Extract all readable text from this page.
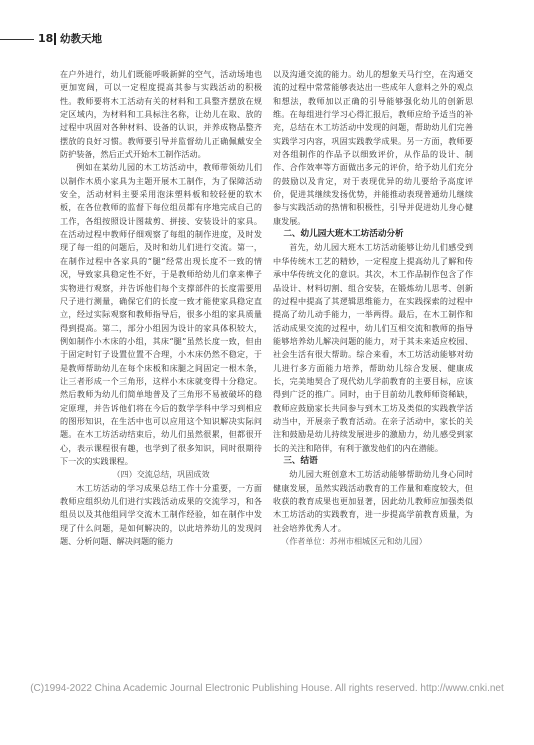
18 幼教天地

在户外进行，幼儿们既能呼吸新鲜的空气，活动场地也更加宽阔，可以一定程度提高其参与实践活动的积极性。教师要将木工活动有关的材料和工具整齐摆放在规定区域内，为材料和工具标注名称，让幼儿在取、放的过程中巩固对各种材料、设备的认识，并养成物品整齐摆放的良好习惯。教师要引导并监督幼儿正确佩戴安全防护装备，然后正式开始木工制作活动。

例如在某幼儿园的木工坊活动中，教师带领幼儿们以制作木质小家具为主题开展木工制作，为了保障活动安全，活动材料主要采用泡沫塑料板和较轻便的软木板，在各位教师的监督下每位组员都有序地完成自己的工作，各组按照设计图裁剪、拼接、安装设计的家具。在活动过程中教师仔细观察了每组的制作进度，及时发现了每一组的问题后，及时和幼儿们进行交流。第一，在制作过程中各家具的“腿”经常出现长度不一致的情况，导致家具稳定性不好，于是教师给幼儿们拿来榫子实物进行观察，并告诉他们每个支撑部件的长度需要用尺子进行测量，确保它们的长度一致才能使家具稳定直立，经过实际观察和教师指导后，很多小组的家具质量得到提高。第二，部分小组因为设计的家具体积较大，例如制作小木床的小组，其床“腿”虽然长度一致，但由于固定时钉子设置位置不合理，小木床仍然不稳定，于是教师帮助幼儿在每个床板和床腿之间固定一根木条，让三者形成一个三角形，这样小木床就变得十分稳定。然后教师为幼儿们简单地普及了三角形不易被破坏的稳定原理，并告诉他们将在今后的数学学科中学习到相应的图形知识，在生活中也可以应用这个知识解决实际问题。在木工坊活动结束后，幼儿们虽然很累，但都很开心，表示课程很有趣，也学到了很多知识，同时很期待下一次的实践课程。

（四）交流总结，巩固成效

木工坊活动的学习成果总结工作十分重要，一方面教师应组织幼儿们进行实践活动成果的交流学习，和各组员以及其他组同学交流木工制作经验，如在制作中发现了什么问题，是如何解决的，以此培养幼儿的发现问题、分析问题、解决问题的能力

以及沟通交流的能力。幼儿的想象天马行空，在沟通交流的过程中常常能够表达出一些成年人意料之外的观点和想法，教师加以正确的引导能够强化幼儿的创新思维。在每组进行学习心得汇报后，教师应给予适当的补充，总结在木工坊活动中发现的问题，帮助幼儿们完善实践学习内容，巩固实践教学成果。另一方面，教师要对各组制作的作品予以细致评价，从作品的设计、制作、合作效率等方面做出多元的评价，给予幼儿们充分的鼓励以及肯定，对于表现优异的幼儿要给予高度评价，促进其继续发扬优势，并能推动表现普通幼儿继续参与实践活动的热情和积极性，引导并促进幼儿身心健康发展。

二、幼儿园大班木工坊活动分析

首先，幼儿园大班木工坊活动能够让幼儿们感受到中华传统木工艺的精妙，一定程度上提高幼儿了解和传承中华传统文化的意识。其次，木工作品制作包含了作品设计、材料切割、组合安装，在锻炼幼儿思考、创新的过程中提高了其逻辑思维能力，在实践探索的过程中提高了幼儿动手能力，一举两得。最后，在木工制作和活动成果交流的过程中，幼儿们互相交流和教师的指导能够培养幼儿解决问题的能力，对于其未来适应校园、社会生活有很大帮助。综合来看，木工坊活动能够对幼儿进行多方面能力培养，帮助幼儿综合发展、健康成长，完美地契合了现代幼儿学前教育的主要目标，应该得到广泛的推广。同时，由于目前幼儿教师师资稀缺，教师应鼓励家长共同参与到木工坊及类似的实践教学活动当中，开展亲子教育活动。在亲子活动中，家长的关注和鼓励是幼儿持续发展进步的激励力，幼儿感受到家长的关注和陪伴，有利于激发他们的内在潜能。

三、结语

幼儿园大班创意木工坊活动能够帮助幼儿身心同时健康发展，虽然实践活动教育的工作量和难度较大，但收获的教育成果也更加显著，因此幼儿教师应加强类似木工坊活动的实践教育，进一步提高学前教育质量，为社会培养优秀人才。

（作者单位：苏州市相城区元和幼儿园）

(C)1994-2022 China Academic Journal Electronic Publishing House. All rights reserved. http://www.cnki.net
